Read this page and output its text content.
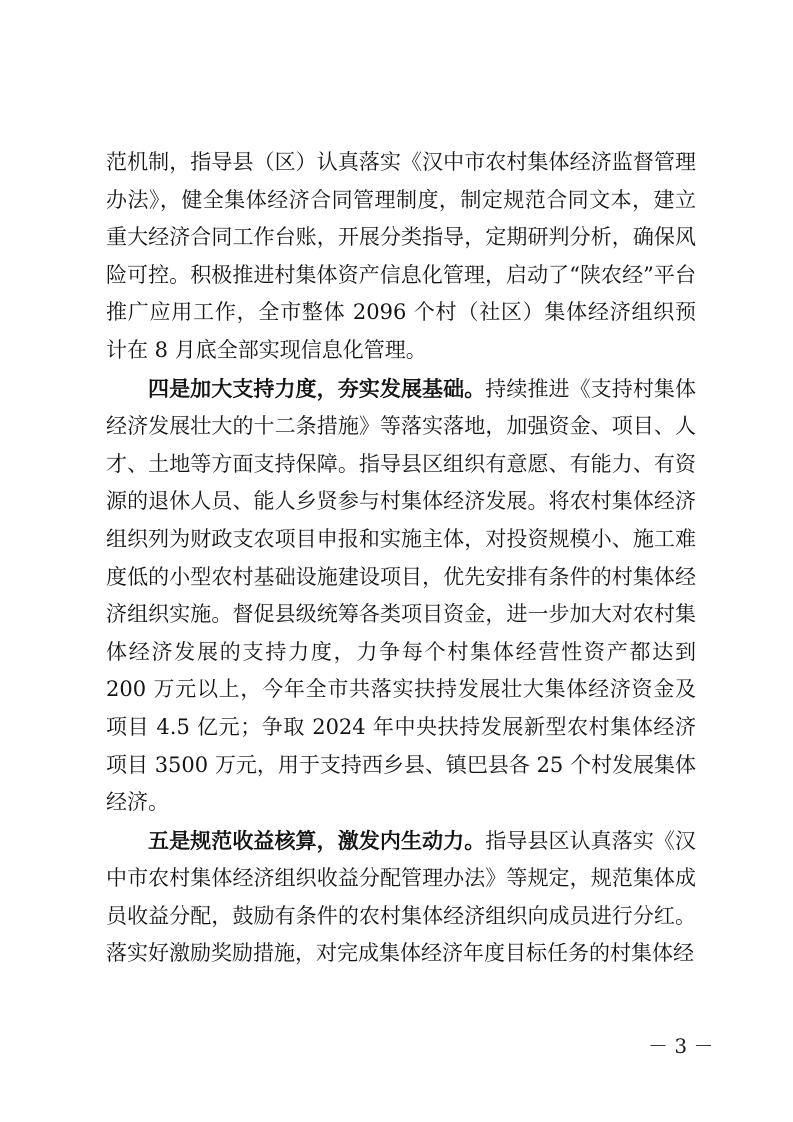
范机制，指导县（区）认真落实《汉中市农村集体经济监督管理办法》，健全集体经济合同管理制度，制定规范合同文本，建立重大经济合同工作台账，开展分类指导，定期研判分析，确保风险可控。积极推进村集体资产信息化管理，启动了“陕农经”平台推广应用工作，全市整体 2096 个村（社区）集体经济组织预计在 8 月底全部实现信息化管理。

四是加大支持力度，夯实发展基础。持续推进《支持村集体经济发展壮大的十二条措施》等落实落地，加强资金、项目、人才、土地等方面支持保障。指导县区组织有意愿、有能力、有资源的退休人员、能人乡贤参与村集体经济发展。将农村集体经济组织列为财政支农项目申报和实施主体，对投资规模小、施工难度低的小型农村基础设施建设项目，优先安排有条件的村集体经济组织实施。督促县级统筹各类项目资金，进一步加大对农村集体经济发展的支持力度，力争每个村集体经营性资产都达到 200 万元以上，今年全市共落实扶持发展壮大集体经济资金及项目 4.5 亿元；争取 2024 年中央扶持发展新型农村集体经济项目 3500 万元，用于支持西乡县、镇巴县各 25 个村发展集体经济。

五是规范收益核算，激发内生动力。指导县区认真落实《汉中市农村集体经济组织收益分配管理办法》等规定，规范集体成员收益分配，鼓励有条件的农村集体经济组织向成员进行分红。落实好激励奖励措施，对完成集体经济年度目标任务的村集体经

－ 3 －
